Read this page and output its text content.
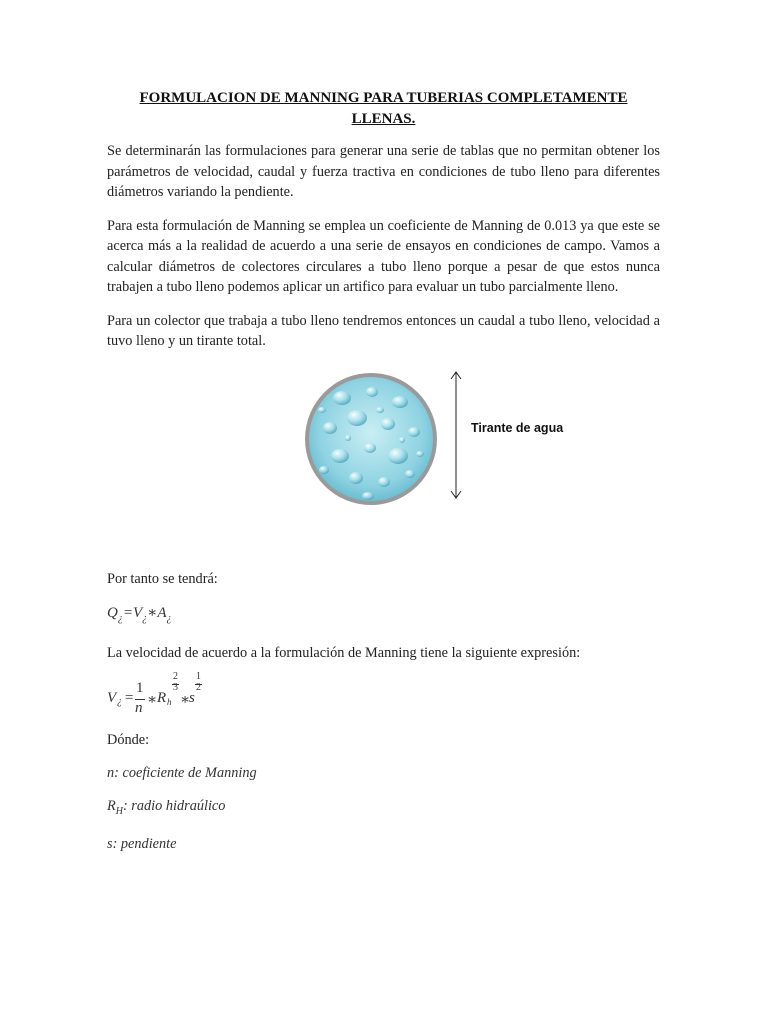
FORMULACION DE MANNING PARA TUBERIAS COMPLETAMENTE LLENAS.

Se determinarán las formulaciones para generar una serie de tablas que no permitan obtener los parámetros de velocidad, caudal y fuerza tractiva en condiciones de tubo lleno para diferentes diámetros variando la pendiente.

Para esta formulación de Manning se emplea un coeficiente de Manning de 0.013 ya que este se acerca más a la realidad de acuerdo a una serie de ensayos en condiciones de campo. Vamos a calcular diámetros de colectores circulares a tubo lleno porque a pesar de que estos nunca trabajen a tubo lleno podemos aplicar un artifico para evaluar un tubo parcialmente lleno.

Para un colector que trabaja a tubo lleno tendremos entonces un caudal a tubo lleno, velocidad a tuvo lleno y un tirante total.

Tirante de agua

Por tanto se tendrá:

$Q_¿=V_¿∗A_¿$

La velocidad de acuerdo a la formulación de Manning tiene la siguiente expresión:

V ¿ =
1
n ∗ R h
2
3
∗
s
1
2

Dónde:

n: coeficiente de Manning

$R_H$: radio hidraúlico

s: pendiente
